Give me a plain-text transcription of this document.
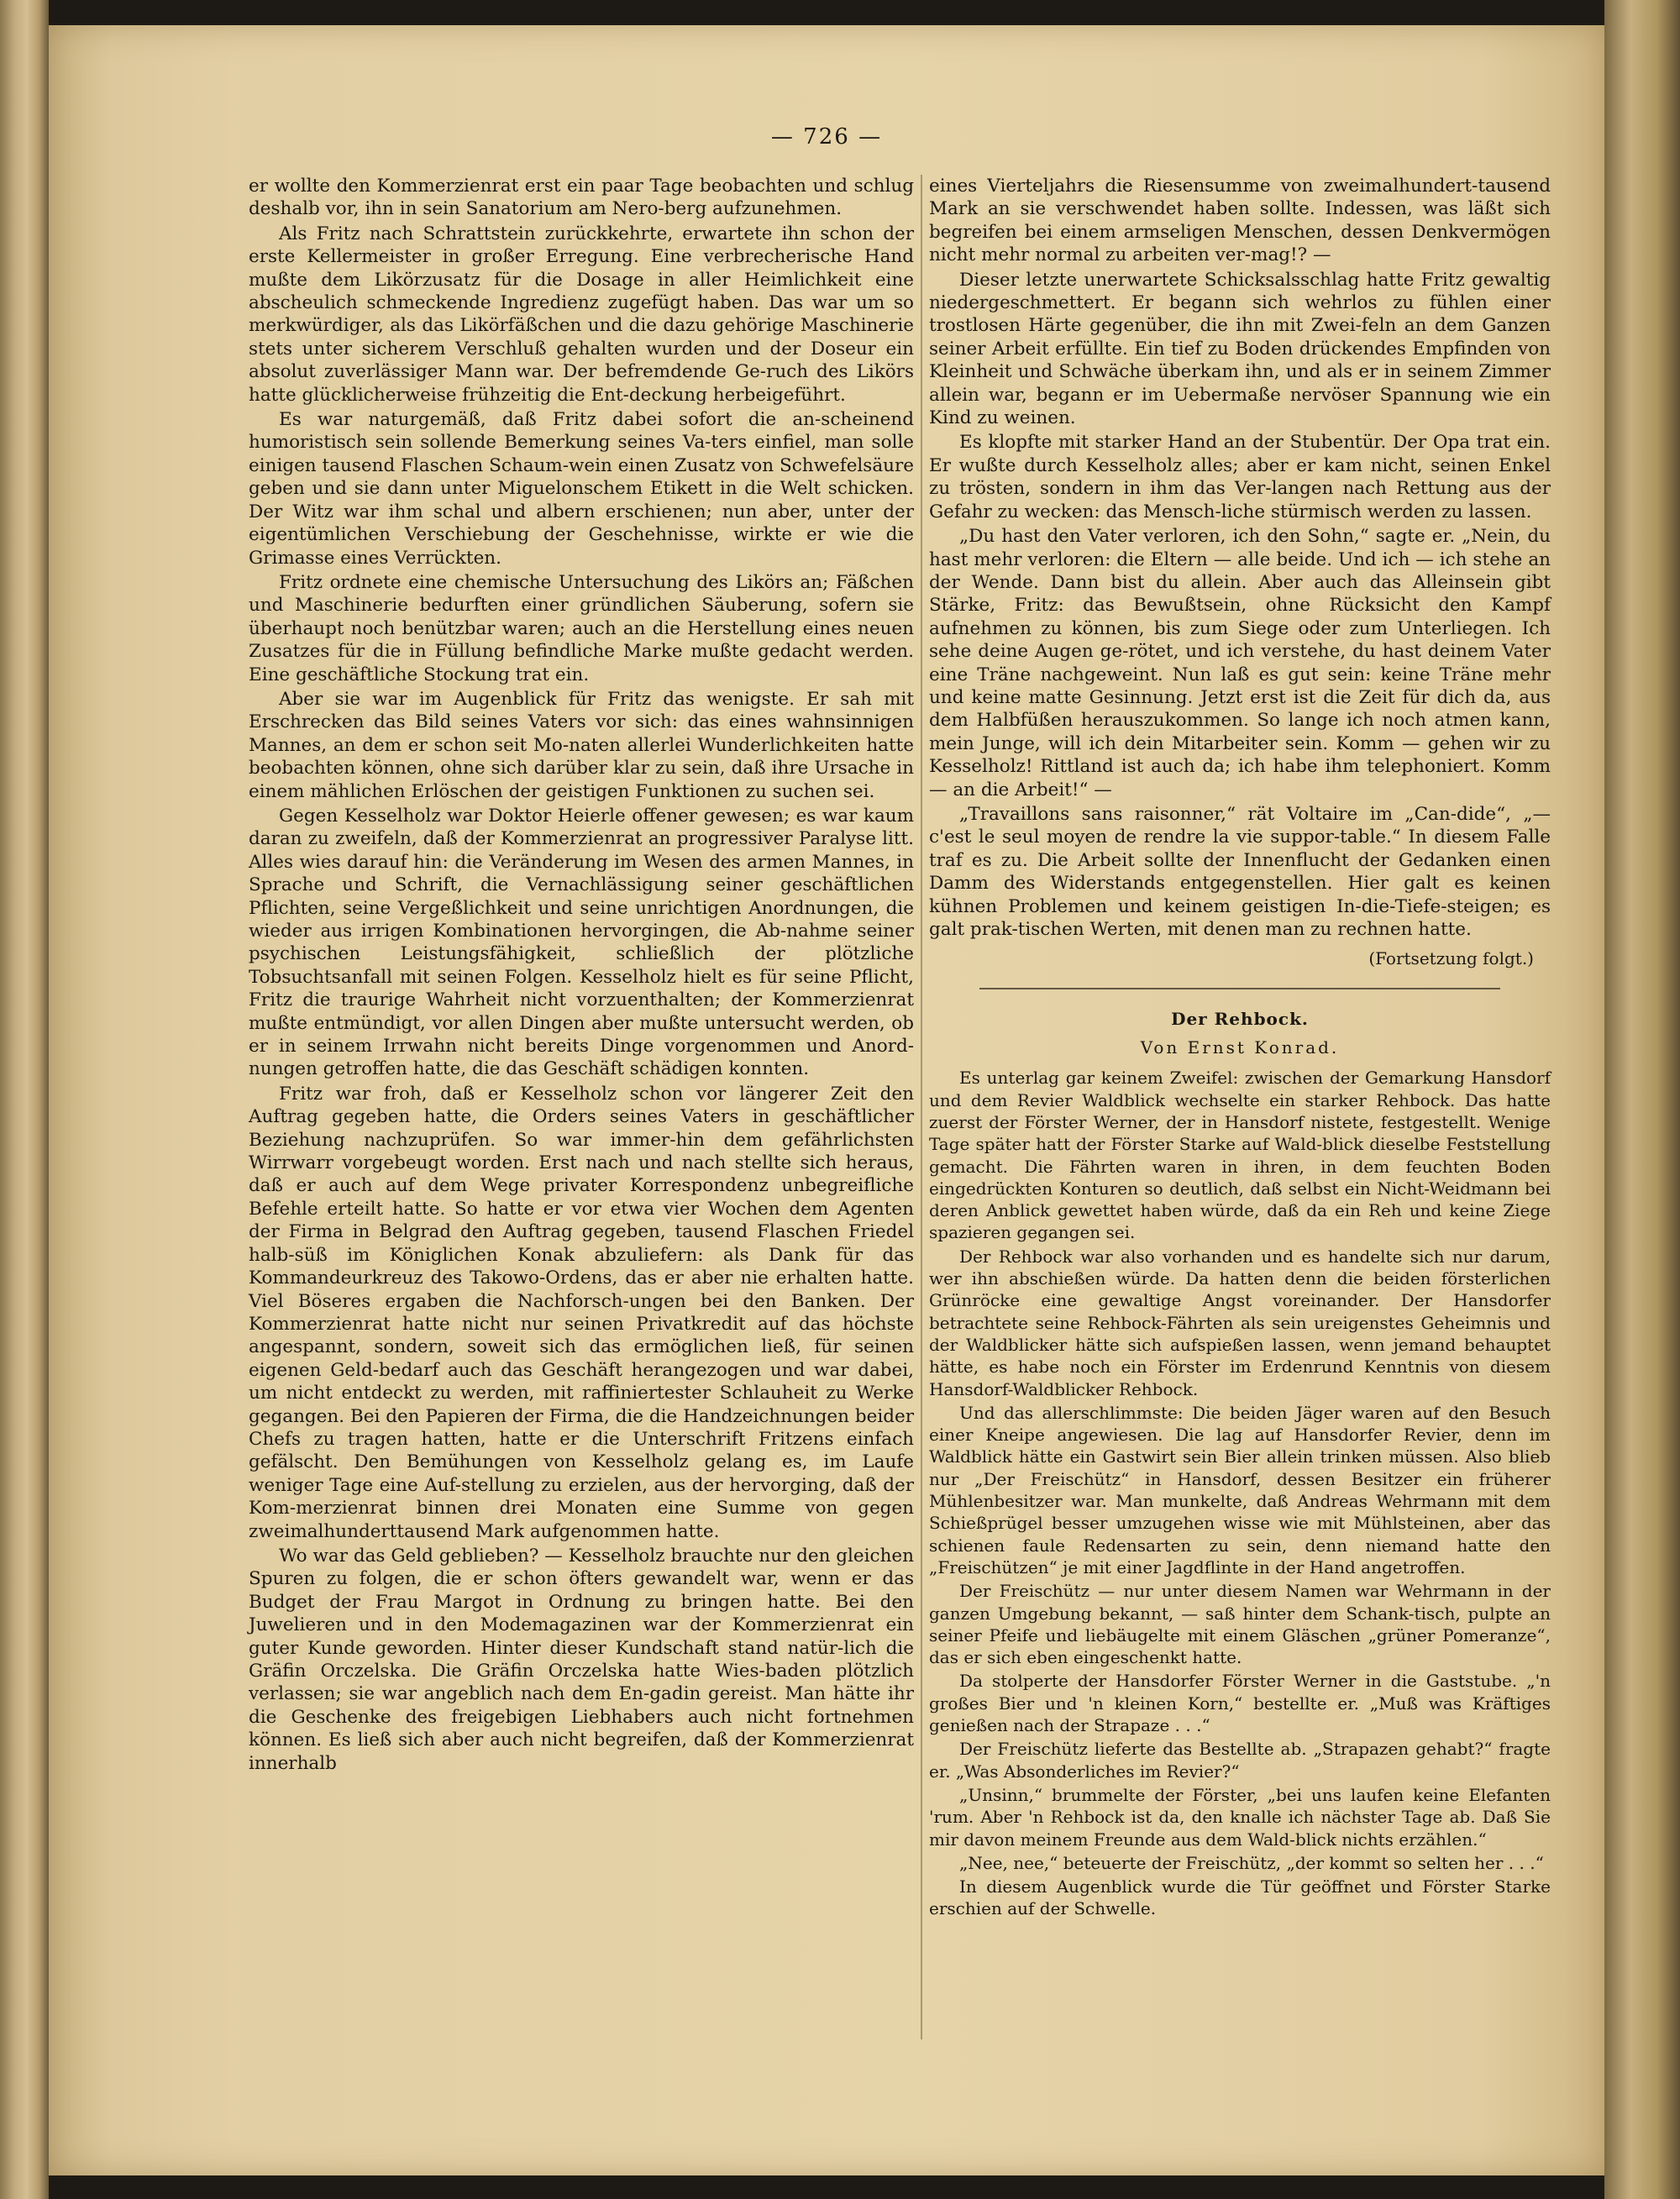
— 726 —

er wollte den Kommerzienrat erst ein paar Tage beobachten und schlug deshalb vor, ihn in sein Sanatorium am Nero-berg aufzunehmen.

Als Fritz nach Schrattstein zurückkehrte, erwartete ihn schon der erste Kellermeister in großer Erregung. Eine verbrecherische Hand mußte dem Likörzusatz für die Dosage in aller Heimlichkeit eine abscheulich schmeckende Ingredienz zugefügt haben. Das war um so merkwürdiger, als das Likörfäßchen und die dazu gehörige Maschinerie stets unter sicherem Verschluß gehalten wurden und der Doseur ein absolut zuverlässiger Mann war. Der befremdende Ge-ruch des Likörs hatte glücklicherweise frühzeitig die Ent-deckung herbeigeführt.

Es war naturgemäß, daß Fritz dabei sofort die an-scheinend humoristisch sein sollende Bemerkung seines Va-ters einfiel, man solle einigen tausend Flaschen Schaum-wein einen Zusatz von Schwefelsäure geben und sie dann unter Miguelonschem Etikett in die Welt schicken. Der Witz war ihm schal und albern erschienen; nun aber, unter der eigentümlichen Verschiebung der Geschehnisse, wirkte er wie die Grimasse eines Verrückten.

Fritz ordnete eine chemische Untersuchung des Likörs an; Fäßchen und Maschinerie bedurften einer gründlichen Säuberung, sofern sie überhaupt noch benützbar waren; auch an die Herstellung eines neuen Zusatzes für die in Füllung befindliche Marke mußte gedacht werden. Eine geschäftliche Stockung trat ein.

Aber sie war im Augenblick für Fritz das wenigste. Er sah mit Erschrecken das Bild seines Vaters vor sich: das eines wahnsinnigen Mannes, an dem er schon seit Mo-naten allerlei Wunderlichkeiten hatte beobachten können, ohne sich darüber klar zu sein, daß ihre Ursache in einem mählichen Erlöschen der geistigen Funktionen zu suchen sei.

Gegen Kesselholz war Doktor Heierle offener gewesen; es war kaum daran zu zweifeln, daß der Kommerzienrat an progressiver Paralyse litt. Alles wies darauf hin: die Veränderung im Wesen des armen Mannes, in Sprache und Schrift, die Vernachlässigung seiner geschäftlichen Pflichten, seine Vergeßlichkeit und seine unrichtigen Anordnungen, die wieder aus irrigen Kombinationen hervorgingen, die Ab-nahme seiner psychischen Leistungsfähigkeit, schließlich der plötzliche Tobsuchtsanfall mit seinen Folgen. Kesselholz hielt es für seine Pflicht, Fritz die traurige Wahrheit nicht vorzuenthalten; der Kommerzienrat mußte entmündigt, vor allen Dingen aber mußte untersucht werden, ob er in seinem Irrwahn nicht bereits Dinge vorgenommen und Anord-nungen getroffen hatte, die das Geschäft schädigen konnten.

Fritz war froh, daß er Kesselholz schon vor längerer Zeit den Auftrag gegeben hatte, die Orders seines Vaters in geschäftlicher Beziehung nachzuprüfen. So war immer-hin dem gefährlichsten Wirrwarr vorgebeugt worden. Erst nach und nach stellte sich heraus, daß er auch auf dem Wege privater Korrespondenz unbegreifliche Befehle erteilt hatte. So hatte er vor etwa vier Wochen dem Agenten der Firma in Belgrad den Auftrag gegeben, tausend Flaschen Friedel halb-süß im Königlichen Konak abzuliefern: als Dank für das Kommandeurkreuz des Takowo-Ordens, das er aber nie erhalten hatte. Viel Böseres ergaben die Nachforsch-ungen bei den Banken. Der Kommerzienrat hatte nicht nur seinen Privatkredit auf das höchste angespannt, sondern, soweit sich das ermöglichen ließ, für seinen eigenen Geld-bedarf auch das Geschäft herangezogen und war dabei, um nicht entdeckt zu werden, mit raffiniertester Schlauheit zu Werke gegangen. Bei den Papieren der Firma, die die Handzeichnungen beider Chefs zu tragen hatten, hatte er die Unterschrift Fritzens einfach gefälscht. Den Bemühungen von Kesselholz gelang es, im Laufe weniger Tage eine Auf-stellung zu erzielen, aus der hervorging, daß der Kom-merzienrat binnen drei Monaten eine Summe von gegen zweimalhunderttausend Mark aufgenommen hatte.

Wo war das Geld geblieben? — Kesselholz brauchte nur den gleichen Spuren zu folgen, die er schon öfters gewandelt war, wenn er das Budget der Frau Margot in Ordnung zu bringen hatte. Bei den Juwelieren und in den Modemagazinen war der Kommerzienrat ein guter Kunde geworden. Hinter dieser Kundschaft stand natür-lich die Gräfin Orczelska. Die Gräfin Orczelska hatte Wies-baden plötzlich verlassen; sie war angeblich nach dem En-gadin gereist. Man hätte ihr die Geschenke des freigebigen Liebhabers auch nicht fortnehmen können. Es ließ sich aber auch nicht begreifen, daß der Kommerzienrat innerhalb

eines Vierteljahrs die Riesensumme von zweimalhundert-tausend Mark an sie verschwendet haben sollte. Indessen, was läßt sich begreifen bei einem armseligen Menschen, dessen Denkvermögen nicht mehr normal zu arbeiten ver-mag!? —

Dieser letzte unerwartete Schicksalsschlag hatte Fritz gewaltig niedergeschmettert. Er begann sich wehrlos zu fühlen einer trostlosen Härte gegenüber, die ihn mit Zwei-feln an dem Ganzen seiner Arbeit erfüllte. Ein tief zu Boden drückendes Empfinden von Kleinheit und Schwäche überkam ihn, und als er in seinem Zimmer allein war, begann er im Uebermaße nervöser Spannung wie ein Kind zu weinen.

Es klopfte mit starker Hand an der Stubentür. Der Opa trat ein. Er wußte durch Kesselholz alles; aber er kam nicht, seinen Enkel zu trösten, sondern in ihm das Ver-langen nach Rettung aus der Gefahr zu wecken: das Mensch-liche stürmisch werden zu lassen.

„Du hast den Vater verloren, ich den Sohn,“ sagte er. „Nein, du hast mehr verloren: die Eltern — alle beide. Und ich — ich stehe an der Wende. Dann bist du allein. Aber auch das Alleinsein gibt Stärke, Fritz: das Bewußtsein, ohne Rücksicht den Kampf aufnehmen zu können, bis zum Siege oder zum Unterliegen. Ich sehe deine Augen ge-rötet, und ich verstehe, du hast deinem Vater eine Träne nachgeweint. Nun laß es gut sein: keine Träne mehr und keine matte Gesinnung. Jetzt erst ist die Zeit für dich da, aus dem Halbfüßen herauszukommen. So lange ich noch atmen kann, mein Junge, will ich dein Mitarbeiter sein. Komm — gehen wir zu Kesselholz! Rittland ist auch da; ich habe ihm telephoniert. Komm — an die Arbeit!“ —

„Travaillons sans raisonner,“ rät Voltaire im „Can-dide“, „— c'est le seul moyen de rendre la vie suppor-table.“ In diesem Falle traf es zu. Die Arbeit sollte der Innenflucht der Gedanken einen Damm des Widerstands entgegenstellen. Hier galt es keinen kühnen Problemen und keinem geistigen In-die-Tiefe-steigen; es galt prak-tischen Werten, mit denen man zu rechnen hatte.

(Fortsetzung folgt.)

Der Rehbock.

Von Ernst Konrad.

Es unterlag gar keinem Zweifel: zwischen der Gemarkung Hansdorf und dem Revier Waldblick wechselte ein starker Rehbock. Das hatte zuerst der Förster Werner, der in Hansdorf nistete, festgestellt. Wenige Tage später hatt der Förster Starke auf Wald-blick dieselbe Feststellung gemacht. Die Fährten waren in ihren, in dem feuchten Boden eingedrückten Konturen so deutlich, daß selbst ein Nicht-Weidmann bei deren Anblick gewettet haben würde, daß da ein Reh und keine Ziege spazieren gegangen sei.

Der Rehbock war also vorhanden und es handelte sich nur darum, wer ihn abschießen würde. Da hatten denn die beiden försterlichen Grünröcke eine gewaltige Angst voreinander. Der Hansdorfer betrachtete seine Rehbock-Fährten als sein ureigenstes Geheimnis und der Waldblicker hätte sich aufspießen lassen, wenn jemand behauptet hätte, es habe noch ein Förster im Erdenrund Kenntnis von diesem Hansdorf-Waldblicker Rehbock.

Und das allerschlimmste: Die beiden Jäger waren auf den Besuch einer Kneipe angewiesen. Die lag auf Hansdorfer Revier, denn im Waldblick hätte ein Gastwirt sein Bier allein trinken müssen. Also blieb nur „Der Freischütz“ in Hansdorf, dessen Besitzer ein früherer Mühlenbesitzer war. Man munkelte, daß Andreas Wehrmann mit dem Schießprügel besser umzugehen wisse wie mit Mühlsteinen, aber das schienen faule Redensarten zu sein, denn niemand hatte den „Freischützen“ je mit einer Jagdflinte in der Hand angetroffen.

Der Freischütz — nur unter diesem Namen war Wehrmann in der ganzen Umgebung bekannt, — saß hinter dem Schank-tisch, pulpte an seiner Pfeife und liebäugelte mit einem Gläschen „grüner Pomeranze“, das er sich eben eingeschenkt hatte.

Da stolperte der Hansdorfer Förster Werner in die Gaststube. „'n großes Bier und 'n kleinen Korn,“ bestellte er. „Muß was Kräftiges genießen nach der Strapaze . . .“

Der Freischütz lieferte das Bestellte ab. „Strapazen gehabt?“ fragte er. „Was Absonderliches im Revier?“

„Unsinn,“ brummelte der Förster, „bei uns laufen keine Elefanten 'rum. Aber 'n Rehbock ist da, den knalle ich nächster Tage ab. Daß Sie mir davon meinem Freunde aus dem Wald-blick nichts erzählen.“

„Nee, nee,“ beteuerte der Freischütz, „der kommt so selten her . . .“

In diesem Augenblick wurde die Tür geöffnet und Förster Starke erschien auf der Schwelle.
